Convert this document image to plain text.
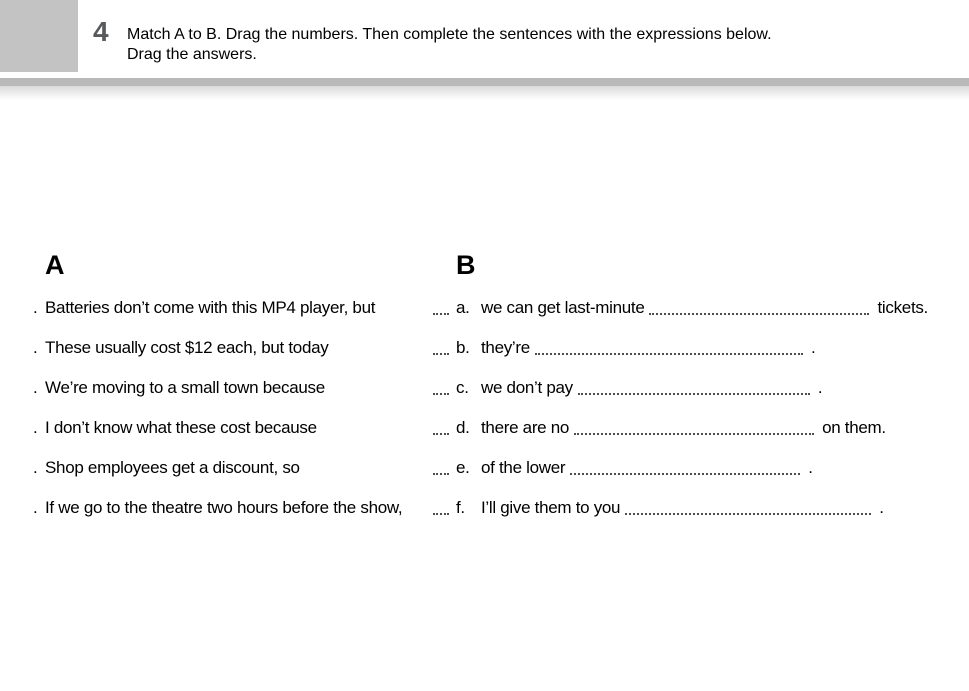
4 Match A to B. Drag the numbers. Then complete the sentences with the expressions below.
Drag the answers.
A
. Batteries don’t come with this MP4 player, but
. These usually cost $12 each, but today
. We’re moving to a small town because
. I don’t know what these cost because
. Shop employees get a discount, so
. If we go to the theatre two hours before the show,
B
a. we can get last-minute	tickets.
b. they’re	.
c. we don’t pay	.
d. there are no	on them.
e. of the lower	.
f. I’ll give them to you	.
